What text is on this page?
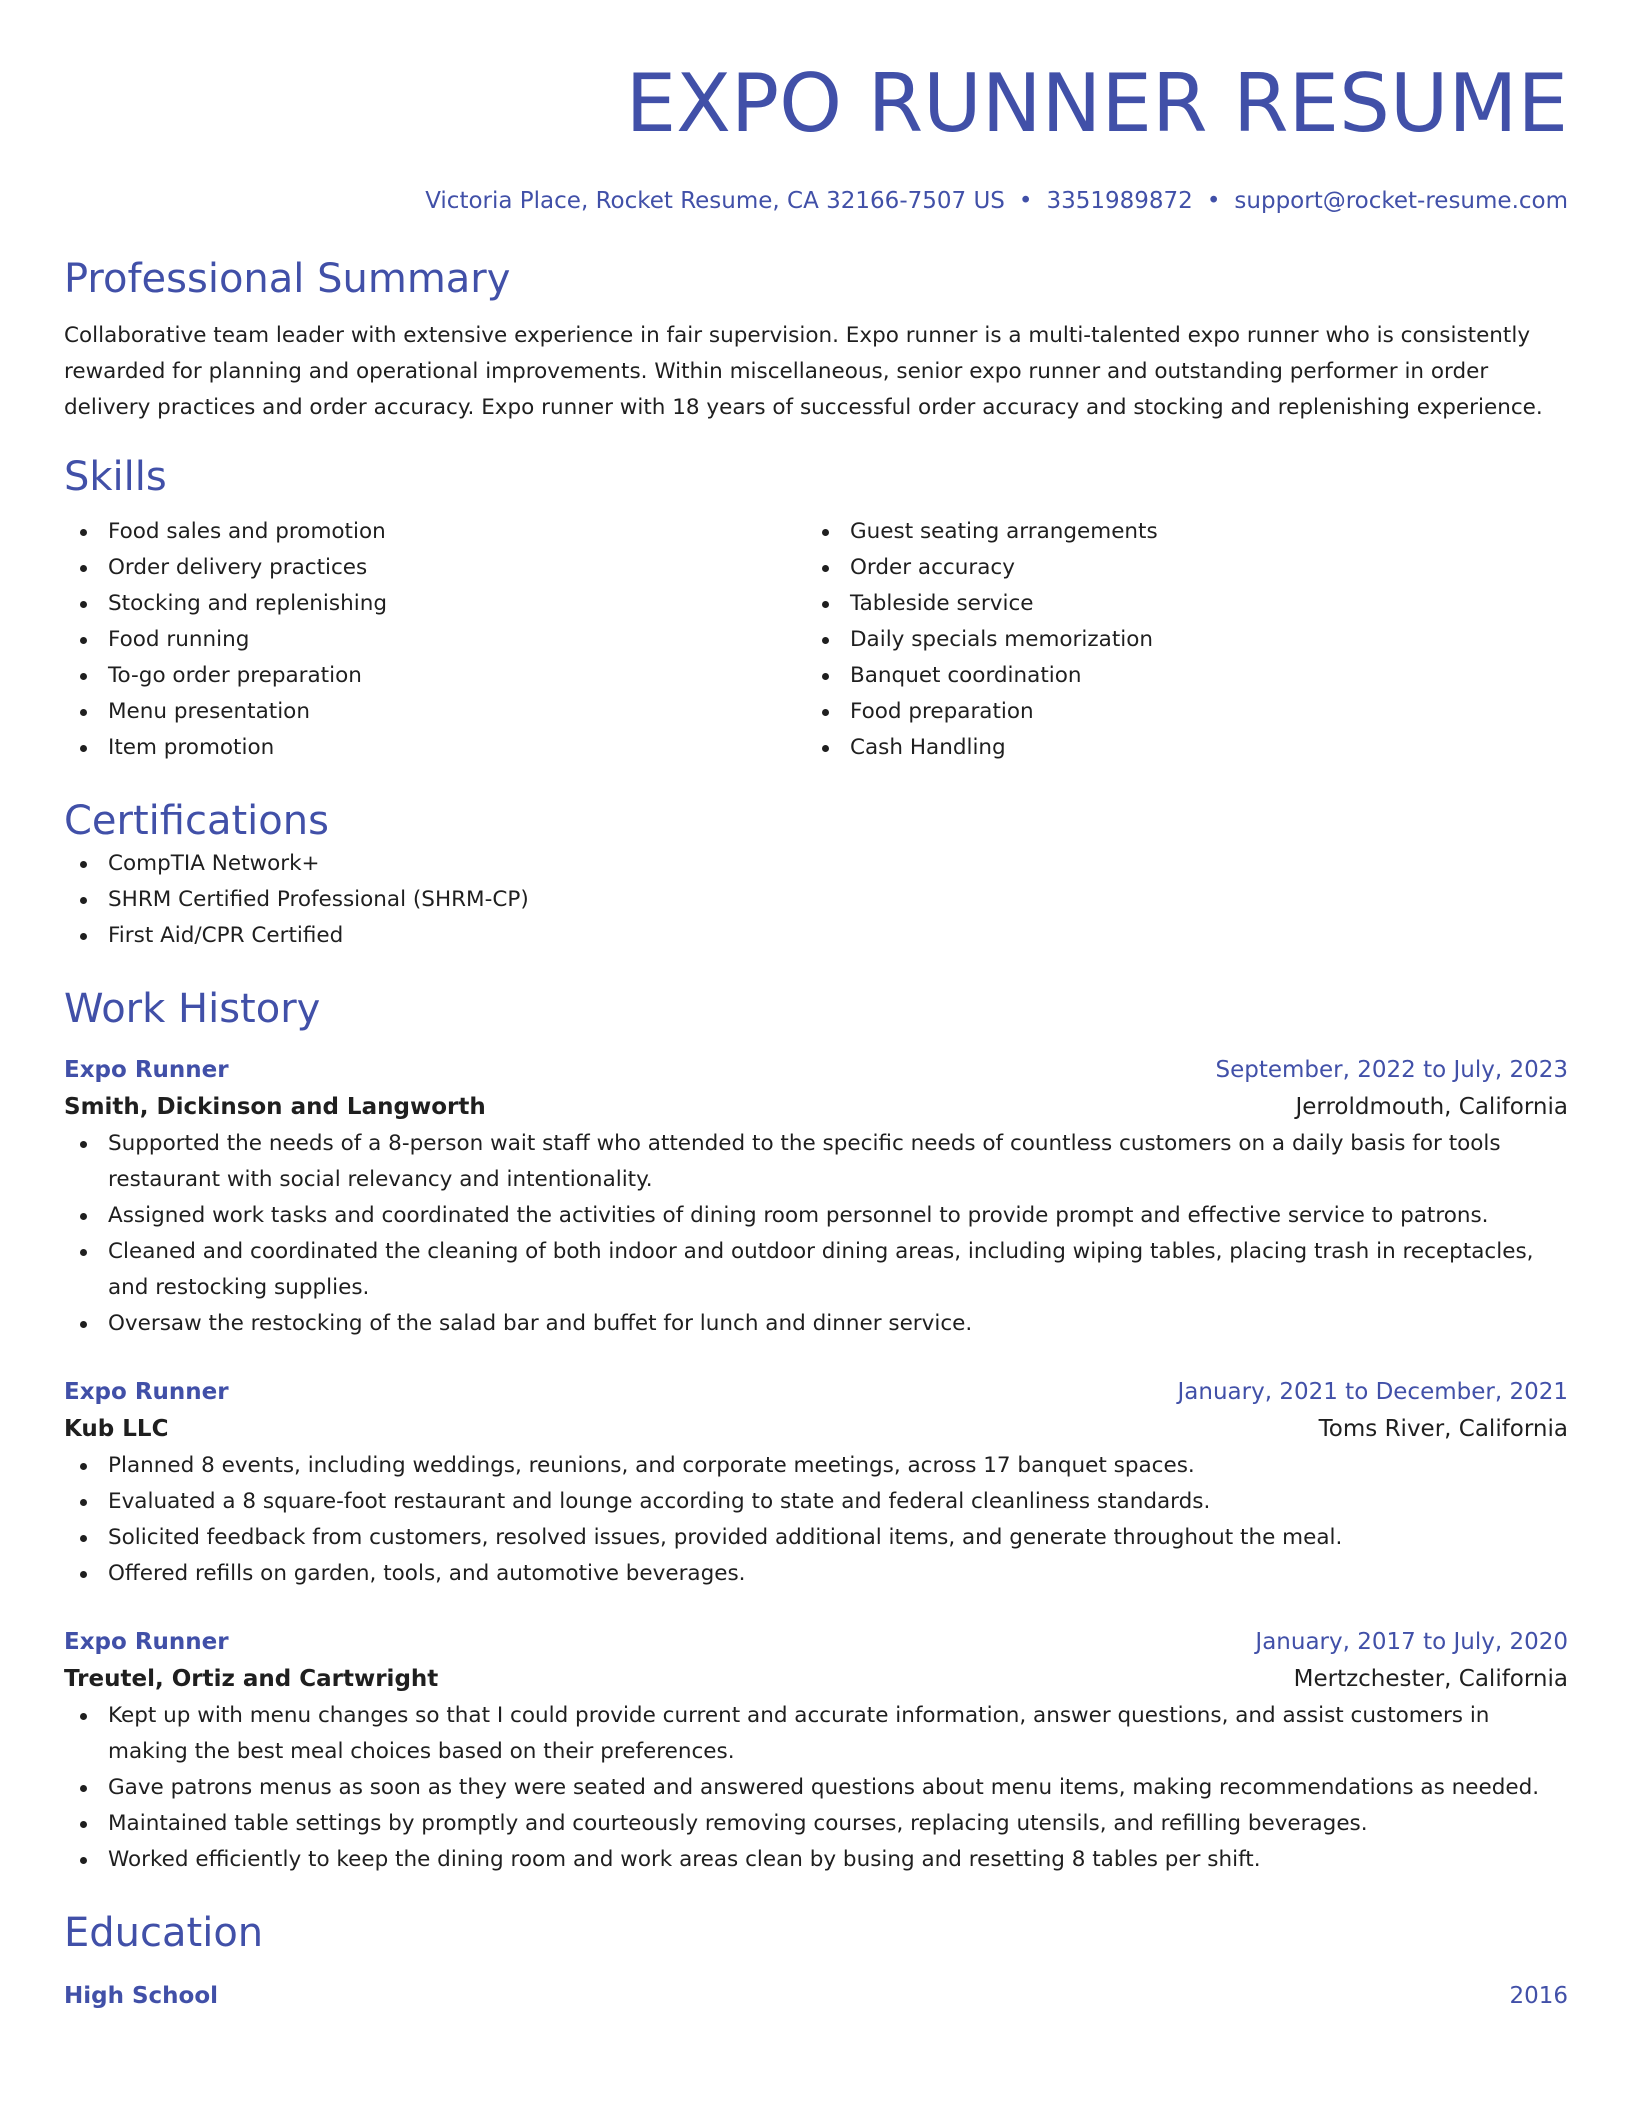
EXPO RUNNER RESUME
Victoria Place, Rocket Resume, CA 32166-7507 US • 3351989872 • support@rocket-resume.com
Professional Summary
Collaborative team leader with extensive experience in fair supervision. Expo runner is a multi-talented expo runner who is consistently rewarded for planning and operational improvements. Within miscellaneous, senior expo runner and outstanding performer in order delivery practices and order accuracy. Expo runner with 18 years of successful order accuracy and stocking and replenishing experience.
Skills
Food sales and promotion
Order delivery practices
Stocking and replenishing
Food running
To-go order preparation
Menu presentation
Item promotion
Guest seating arrangements
Order accuracy
Tableside service
Daily specials memorization
Banquet coordination
Food preparation
Cash Handling
Certifications
CompTIA Network+
SHRM Certified Professional (SHRM-CP)
First Aid/CPR Certified
Work History
Expo Runner	September, 2022 to July, 2023
Smith, Dickinson and Langworth	Jerroldmouth, California
Supported the needs of a 8-person wait staff who attended to the specific needs of countless customers on a daily basis for tools restaurant with social relevancy and intentionality.
Assigned work tasks and coordinated the activities of dining room personnel to provide prompt and effective service to patrons.
Cleaned and coordinated the cleaning of both indoor and outdoor dining areas, including wiping tables, placing trash in receptacles, and restocking supplies.
Oversaw the restocking of the salad bar and buffet for lunch and dinner service.
Expo Runner	January, 2021 to December, 2021
Kub LLC	Toms River, California
Planned 8 events, including weddings, reunions, and corporate meetings, across 17 banquet spaces.
Evaluated a 8 square-foot restaurant and lounge according to state and federal cleanliness standards.
Solicited feedback from customers, resolved issues, provided additional items, and generate throughout the meal.
Offered refills on garden, tools, and automotive beverages.
Expo Runner	January, 2017 to July, 2020
Treutel, Ortiz and Cartwright	Mertzchester, California
Kept up with menu changes so that I could provide current and accurate information, answer questions, and assist customers in making the best meal choices based on their preferences.
Gave patrons menus as soon as they were seated and answered questions about menu items, making recommendations as needed.
Maintained table settings by promptly and courteously removing courses, replacing utensils, and refilling beverages.
Worked efficiently to keep the dining room and work areas clean by busing and resetting 8 tables per shift.
Education
High School	2016
